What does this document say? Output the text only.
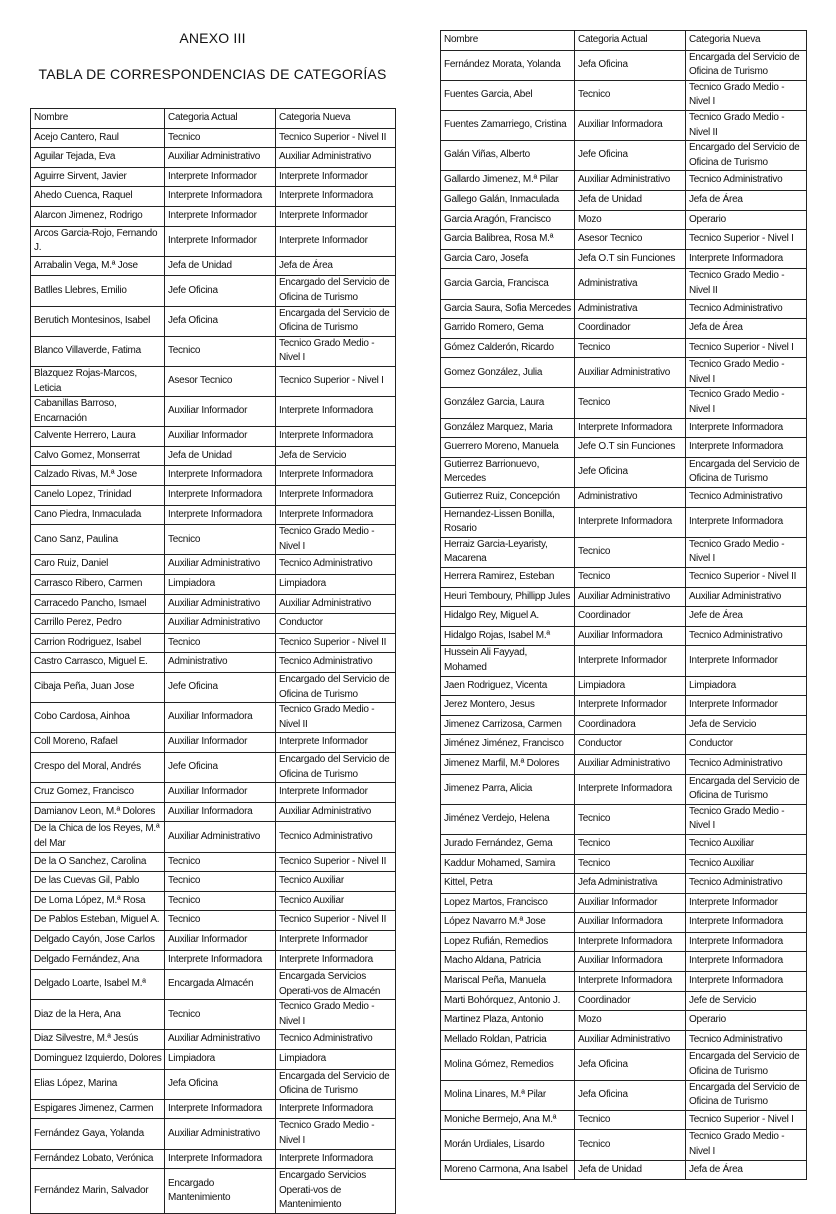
ANEXO III
TABLA DE CORRESPONDENCIAS DE CATEGORÍAS
Nombre	Categoria Actual	Categoria Nueva
Acejo Cantero, Raul	Tecnico	Tecnico Superior - Nivel II
Aguilar Tejada, Eva	Auxiliar Administrativo	Auxiliar Administrativo
Aguirre Sirvent, Javier	Interprete Informador	Interprete Informador
Ahedo Cuenca, Raquel	Interprete Informadora	Interprete Informadora
Alarcon Jimenez, Rodrigo	Interprete Informador	Interprete Informador
Arcos Garcia-Rojo, Fernando J.	Interprete Informador	Interprete Informador
Arrabalin Vega, M.ª Jose	Jefa de Unidad	Jefa de Área
Batlles Llebres, Emilio	Jefe Oficina	Encargado del Servicio de Oficina de Turismo
Berutich Montesinos, Isabel	Jefa Oficina	Encargada del Servicio de Oficina de Turismo
Blanco Villaverde, Fatima	Tecnico	Tecnico Grado Medio - Nivel I
Blazquez Rojas-Marcos, Leticia	Asesor Tecnico	Tecnico Superior - Nivel I
Cabanillas Barroso, Encarnación	Auxiliar Informador	Interprete Informadora
Calvente Herrero, Laura	Auxiliar Informador	Interprete Informadora
Calvo Gomez, Monserrat	Jefa de Unidad	Jefa de Servicio
Calzado Rivas, M.ª Jose	Interprete Informadora	Interprete Informadora
Canelo Lopez, Trinidad	Interprete Informadora	Interprete Informadora
Cano Piedra, Inmaculada	Interprete Informadora	Interprete Informadora
Cano Sanz, Paulina	Tecnico	Tecnico Grado Medio - Nivel I
Caro Ruiz, Daniel	Auxiliar Administrativo	Tecnico Administrativo
Carrasco Ribero, Carmen	Limpiadora	Limpiadora
Carracedo Pancho, Ismael	Auxiliar Administrativo	Auxiliar Administrativo
Carrillo Perez, Pedro	Auxiliar Administrativo	Conductor
Carrion Rodriguez, Isabel	Tecnico	Tecnico Superior - Nivel II
Castro Carrasco, Miguel E.	Administrativo	Tecnico Administrativo
Cibaja Peña, Juan Jose	Jefe Oficina	Encargado del Servicio de Oficina de Turismo
Cobo Cardosa, Ainhoa	Auxiliar Informadora	Tecnico Grado Medio - Nivel II
Coll Moreno, Rafael	Auxiliar Informador	Interprete Informador
Crespo del Moral, Andrés	Jefe Oficina	Encargado del Servicio de Oficina de Turismo
Cruz Gomez, Francisco	Auxiliar Informador	Interprete Informador
Damianov Leon, M.ª Dolores	Auxiliar Informadora	Auxiliar Administrativo
De la Chica de los Reyes, M.ª del Mar	Auxiliar Administrativo	Tecnico Administrativo
De la O Sanchez, Carolina	Tecnico	Tecnico Superior - Nivel II
De las Cuevas Gil, Pablo	Tecnico	Tecnico Auxiliar
De Loma López, M.ª Rosa	Tecnico	Tecnico Auxiliar
De Pablos Esteban, Miguel A.	Tecnico	Tecnico Superior - Nivel II
Delgado Cayón, Jose Carlos	Auxiliar Informador	Interprete Informador
Delgado Fernández, Ana	Interprete Informadora	Interprete Informadora
Delgado Loarte, Isabel M.ª	Encargada Almacén	Encargada Servicios Operati-vos de Almacén
Diaz de la Hera, Ana	Tecnico	Tecnico Grado Medio - Nivel I
Diaz Silvestre, M.ª Jesús	Auxiliar Administrativo	Tecnico Administrativo
Dominguez Izquierdo, Dolores	Limpiadora	Limpiadora
Elias López, Marina	Jefa Oficina	Encargada del Servicio de Oficina de Turismo
Espigares Jimenez, Carmen	Interprete Informadora	Interprete Informadora
Fernández Gaya, Yolanda	Auxiliar Administrativo	Tecnico Grado Medio - Nivel I
Fernández Lobato, Verónica	Interprete Informadora	Interprete Informadora
Fernández Marin, Salvador	Encargado Mantenimiento	Encargado Servicios Operati-vos de Mantenimiento
Nombre	Categoria Actual	Categoria Nueva
Fernández Morata, Yolanda	Jefa Oficina	Encargada del Servicio de Oficina de Turismo
Fuentes Garcia, Abel	Tecnico	Tecnico Grado Medio - Nivel I
Fuentes Zamarriego, Cristina	Auxiliar Informadora	Tecnico Grado Medio - Nivel II
Galán Viñas, Alberto	Jefe Oficina	Encargado del Servicio de Oficina de Turismo
Gallardo Jimenez, M.ª Pilar	Auxiliar Administrativo	Tecnico Administrativo
Gallego Galán, Inmaculada	Jefa de Unidad	Jefa de Área
Garcia Aragón, Francisco	Mozo	Operario
Garcia Balibrea, Rosa M.ª	Asesor Tecnico	Tecnico Superior - Nivel I
Garcia Caro, Josefa	Jefa O.T sin Funciones	Interprete Informadora
Garcia Garcia, Francisca	Administrativa	Tecnico Grado Medio - Nivel II
Garcia Saura, Sofia Mercedes	Administrativa	Tecnico Administrativo
Garrido Romero, Gema	Coordinador	Jefa de Área
Gómez Calderón, Ricardo	Tecnico	Tecnico Superior - Nivel I
Gomez González, Julia	Auxiliar Administrativo	Tecnico Grado Medio - Nivel I
González Garcia, Laura	Tecnico	Tecnico Grado Medio - Nivel I
González Marquez, Maria	Interprete Informadora	Interprete Informadora
Guerrero Moreno, Manuela	Jefe O.T sin Funciones	Interprete Informadora
Gutierrez Barrionuevo, Mercedes	Jefe Oficina	Encargada del Servicio de Oficina de Turismo
Gutierrez Ruiz, Concepción	Administrativo	Tecnico Administrativo
Hernandez-Lissen Bonilla, Rosario	Interprete Informadora	Interprete Informadora
Herraiz Garcia-Leyaristy, Macarena	Tecnico	Tecnico Grado Medio - Nivel I
Herrera Ramirez, Esteban	Tecnico	Tecnico Superior - Nivel II
Heuri Temboury, Phillipp Jules	Auxiliar Administrativo	Auxiliar Administrativo
Hidalgo Rey, Miguel A.	Coordinador	Jefe de Área
Hidalgo Rojas, Isabel M.ª	Auxiliar Informadora	Tecnico Administrativo
Hussein Ali Fayyad, Mohamed	Interprete Informador	Interprete Informador
Jaen Rodriguez, Vicenta	Limpiadora	Limpiadora
Jerez Montero, Jesus	Interprete Informador	Interprete Informador
Jimenez Carrizosa, Carmen	Coordinadora	Jefa de Servicio
Jiménez Jiménez, Francisco	Conductor	Conductor
Jimenez Marfil, M.ª Dolores	Auxiliar Administrativo	Tecnico Administrativo
Jimenez Parra, Alicia	Interprete Informadora	Encargada del Servicio de Oficina de Turismo
Jiménez Verdejo, Helena	Tecnico	Tecnico Grado Medio - Nivel I
Jurado Fernández, Gema	Tecnico	Tecnico Auxiliar
Kaddur Mohamed, Samira	Tecnico	Tecnico Auxiliar
Kittel, Petra	Jefa Administrativa	Tecnico Administrativo
Lopez Martos, Francisco	Auxiliar Informador	Interprete Informador
López Navarro M.ª Jose	Auxiliar Informadora	Interprete Informadora
Lopez Rufián, Remedios	Interprete Informadora	Interprete Informadora
Macho Aldana, Patricia	Auxiliar Informadora	Interprete Informadora
Mariscal Peña, Manuela	Interprete Informadora	Interprete Informadora
Marti Bohórquez, Antonio J.	Coordinador	Jefe de Servicio
Martinez Plaza, Antonio	Mozo	Operario
Mellado Roldan, Patricia	Auxiliar Administrativo	Tecnico Administrativo
Molina Gómez, Remedios	Jefa Oficina	Encargada del Servicio de Oficina de Turismo
Molina Linares, M.ª Pilar	Jefa Oficina	Encargada del Servicio de Oficina de Turismo
Moniche Bermejo, Ana M.ª	Tecnico	Tecnico Superior - Nivel I
Morán Urdiales, Lisardo	Tecnico	Tecnico Grado Medio - Nivel I
Moreno Carmona, Ana Isabel	Jefa de Unidad	Jefa de Área
